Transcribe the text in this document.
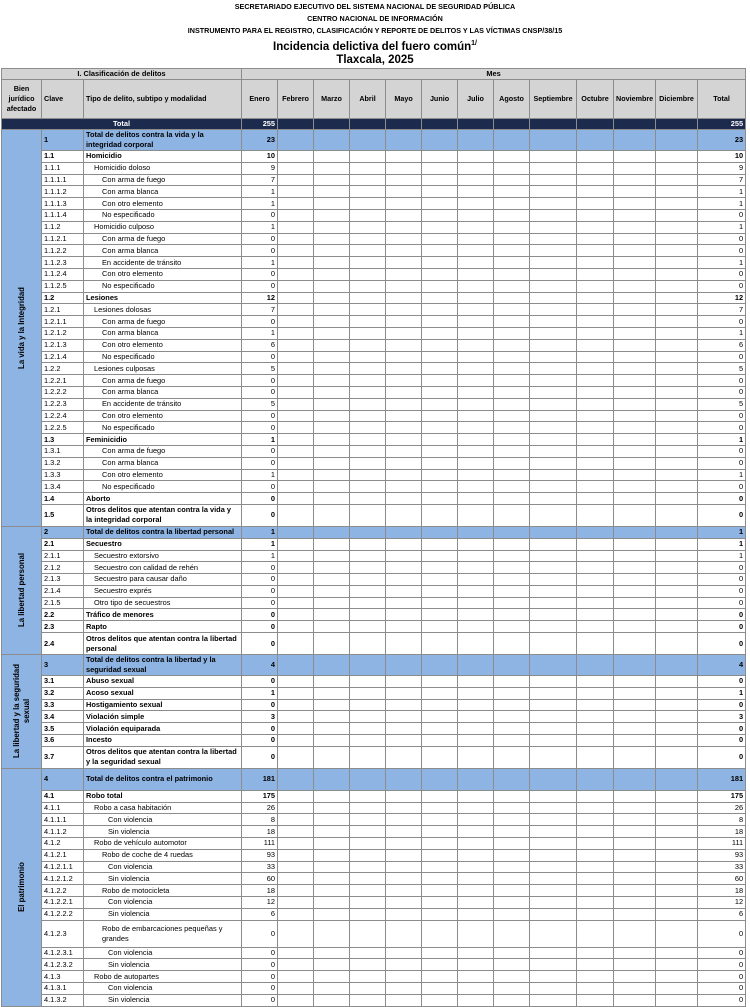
SECRETARIADO EJECUTIVO DEL SISTEMA NACIONAL DE SEGURIDAD PÚBLICA
CENTRO NACIONAL DE INFORMACIÓN
INSTRUMENTO PARA EL REGISTRO, CLASIFICACIÓN Y REPORTE DE DELITOS Y LAS VÍCTIMAS CNSP/38/15
Incidencia delictiva del fuero común$^{1/}$
Tlaxcala, 2025
I. Clasificación de delitos			Mes												
Bien jurídico afectado	Clave	Tipo de delito, subtipo y modalidad	Enero	Febrero	Marzo	Abril	Mayo	Junio	Julio	Agosto	Septiembre	Octubre	Noviembre	Diciembre	Total
Total			255												255

La vida y la Integridad	1	Total de delitos contra la vida y la integridad corporal	23												23
	1.1	Homicidio	10												10
	1.1.1	Homicidio doloso	9												9
	1.1.1.1	Con arma de fuego	7												7
	1.1.1.2	Con arma blanca	1												1
	1.1.1.3	Con otro elemento	1												1
	1.1.1.4	No especificado	0												0
	1.1.2	Homicidio culposo	1												1
	1.1.2.1	Con arma de fuego	0												0
	1.1.2.2	Con arma blanca	0												0
	1.1.2.3	En accidente de tránsito	1												1
	1.1.2.4	Con otro elemento	0												0
	1.1.2.5	No especificado	0												0
	1.2	Lesiones	12												12
	1.2.1	Lesiones dolosas	7												7
	1.2.1.1	Con arma de fuego	0												0
	1.2.1.2	Con arma blanca	1												1
	1.2.1.3	Con otro elemento	6												6
	1.2.1.4	No especificado	0												0
	1.2.2	Lesiones culposas	5												5
	1.2.2.1	Con arma de fuego	0												0
	1.2.2.2	Con arma blanca	0												0
	1.2.2.3	En accidente de tránsito	5												5
	1.2.2.4	Con otro elemento	0												0
	1.2.2.5	No especificado	0												0
	1.3	Feminicidio	1												1
	1.3.1	Con arma de fuego	0												0
	1.3.2	Con arma blanca	0												0
	1.3.3	Con otro elemento	1												1
	1.3.4	No especificado	0												0
	1.4	Aborto	0												0
	1.5	Otros delitos que atentan contra la vida y la integridad corporal	0												0

La libertad personal	2	Total de delitos contra la libertad personal	1												1
	2.1	Secuestro	1												1
	2.1.1	Secuestro extorsivo	1												1
	2.1.2	Secuestro con calidad de rehén	0												0
	2.1.3	Secuestro para causar daño	0												0
	2.1.4	Secuestro exprés	0												0
	2.1.5	Otro tipo de secuestros	0												0
	2.2	Tráfico de menores	0												0
	2.3	Rapto	0												0
	2.4	Otros delitos que atentan contra la libertad personal	0												0

La libertad y la seguridad sexual	3	Total de delitos contra la libertad y la seguridad sexual	4												4
	3.1	Abuso sexual	0												0
	3.2	Acoso sexual	1												1
	3.3	Hostigamiento sexual	0												0
	3.4	Violación simple	3												3
	3.5	Violación equiparada	0												0
	3.6	Incesto	0												0
	3.7	Otros delitos que atentan contra la libertad y la seguridad sexual	0												0

El patrimonio	4	Total de delitos contra el patrimonio	181												181
	4.1	Robo total	175												175
	4.1.1	Robo a casa habitación	26												26
	4.1.1.1	Con violencia	8												8
	4.1.1.2	Sin violencia	18												18
	4.1.2	Robo de vehículo automotor	111												111
	4.1.2.1	Robo de coche de 4 ruedas	93												93
	4.1.2.1.1	Con violencia	33												33
	4.1.2.1.2	Sin violencia	60												60
	4.1.2.2	Robo de motocicleta	18												18
	4.1.2.2.1	Con violencia	12												12
	4.1.2.2.2	Sin violencia	6												6
	4.1.2.3	Robo de embarcaciones pequeñas y grandes	0												0
	4.1.2.3.1	Con violencia	0												0
	4.1.2.3.2	Sin violencia	0												0
	4.1.3	Robo de autopartes	0												0
	4.1.3.1	Con violencia	0												0
	4.1.3.2	Sin violencia	0												0
